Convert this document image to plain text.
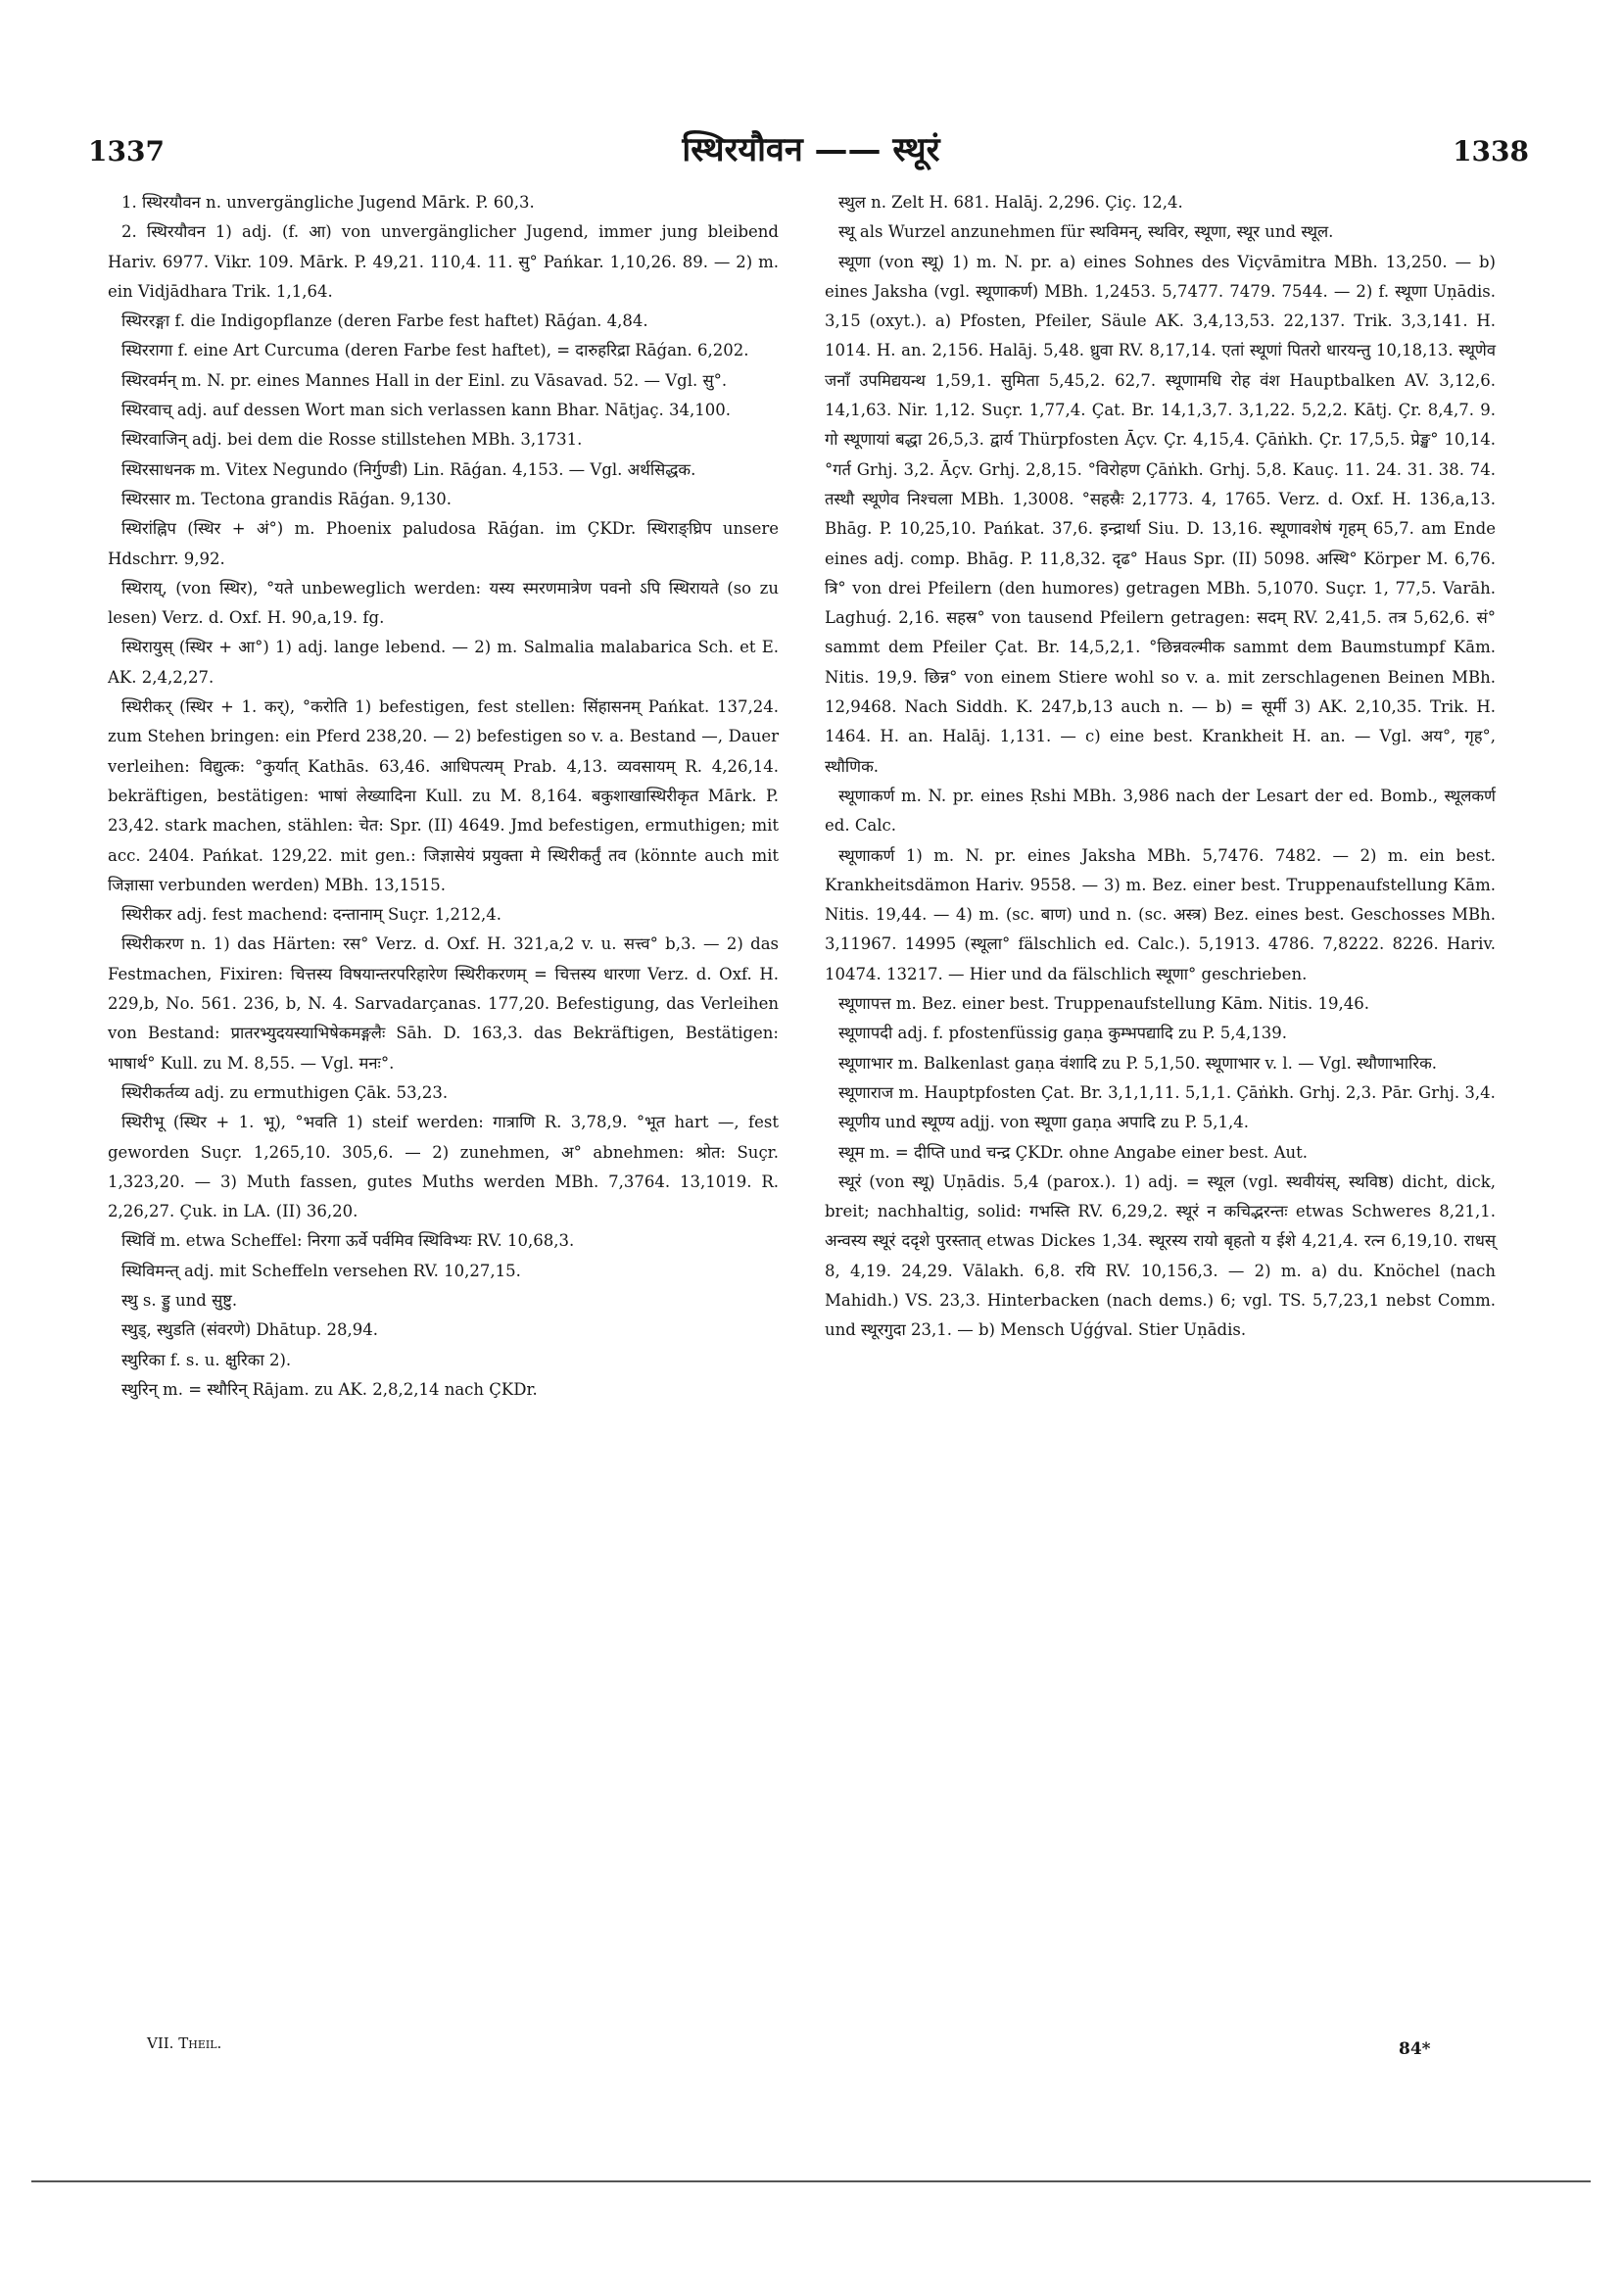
1337	स्थिरयौवन —— स्थूरं	1338

1. स्थिरयौवन n. unvergängliche Jugend Mārk. P. 60,3.

2. स्थिरयौवन 1) adj. (f. आ) von unvergänglicher Jugend, immer jung bleibend Hariv. 6977. Vikr. 109. Mārk. P. 49,21. 110,4. 11. सु° Pańkar. 1,10,26. 89. — 2) m. ein Vidjādhara Trik. 1,1,64.

स्थिररङ्गा f. die Indigopflanze (deren Farbe fest haftet) Rāǵan. 4,84.

स्थिररागा f. eine Art Curcuma (deren Farbe fest haftet), = दारुहरिद्रा Rāǵan. 6,202.

स्थिरवर्मन् m. N. pr. eines Mannes Hall in der Einl. zu Vāsavad. 52. — Vgl. सु°.

स्थिरवाच् adj. auf dessen Wort man sich verlassen kann Bhar. Nātjaç. 34,100.

स्थिरवाजिन् adj. bei dem die Rosse stillstehen MBh. 3,1731.

स्थिरसाधनक m. Vitex Negundo (निर्गुण्डी) Lin. Rāǵan. 4,153. — Vgl. अर्थसिद्धक.

स्थिरसार m. Tectona grandis Rāǵan. 9,130.

स्थिरांह्निप (स्थिर + अं°) m. Phoenix paludosa Rāǵan. im ÇKDr. स्थिराङ्घ्रिप unsere Hdschrr. 9,92.

स्थिराय्, (von स्थिर), °यते unbeweglich werden: यस्य स्मरणमात्रेण पवनो ऽपि स्थिरायते (so zu lesen) Verz. d. Oxf. H. 90,a,19. fg.

स्थिरायुस् (स्थिर + आ°) 1) adj. lange lebend. — 2) m. Salmalia malabarica Sch. et E. AK. 2,4,2,27.

स्थिरीकर् (स्थिर + 1. कर्), °करोति 1) befestigen, fest stellen: सिंहासनम् Pańkat. 137,24. zum Stehen bringen: ein Pferd 238,20. — 2) befestigen so v. a. Bestand —, Dauer verleihen: विद्युत्क: °कुर्यात् Kathās. 63,46. आधिपत्यम् Prab. 4,13. व्यवसायम् R. 4,26,14. bekräftigen, bestätigen: भाषां लेख्यादिना Kull. zu M. 8,164. बकुशाखास्थिरीकृत Mārk. P. 23,42. stark machen, stählen: चेत: Spr. (II) 4649. Jmd befestigen, ermuthigen; mit acc. 2404. Pańkat. 129,22. mit gen.: जिज्ञासेयं प्रयुक्ता मे स्थिरीकर्तुं तव (könnte auch mit जिज्ञासा verbunden werden) MBh. 13,1515.

स्थिरीकर adj. fest machend: दन्तानाम् Suçr. 1,212,4.

स्थिरीकरण n. 1) das Härten: रस° Verz. d. Oxf. H. 321,a,2 v. u. सत्त्व° b,3. — 2) das Festmachen, Fixiren: चित्तस्य विषयान्तरपरिहारेण स्थिरीकरणम् = चित्तस्य धारणा Verz. d. Oxf. H. 229,b, No. 561. 236, b, N. 4. Sarvadarçanas. 177,20. Befestigung, das Verleihen von Bestand: प्रातरभ्युदयस्याभिषेकमङ्गलैः Sāh. D. 163,3. das Bekräftigen, Bestätigen: भाषार्थ° Kull. zu M. 8,55. — Vgl. मनः°.

स्थिरीकर्तव्य adj. zu ermuthigen Çāk. 53,23.

स्थिरीभू (स्थिर + 1. भू), °भवति 1) steif werden: गात्राणि R. 3,78,9. °भूत hart —, fest geworden Suçr. 1,265,10. 305,6. — 2) zunehmen, अ° abnehmen: श्रोत: Suçr. 1,323,20. — 3) Muth fassen, gutes Muths werden MBh. 7,3764. 13,1019. R. 2,26,27. Çuk. in LA. (II) 36,20.

स्थिविं m. etwa Scheffel: निरगा ऊर्वे पर्वमिव स्थिविभ्यः RV. 10,68,3.

स्थिविमन्त् adj. mit Scheffeln versehen RV. 10,27,15.

स्थु s. ड्डु und सुष्टु.

स्थुड्, स्थुडति (संवरणे) Dhātup. 28,94.

स्थुरिका f. s. u. क्षुरिका 2).

स्थुरिन् m. = स्थौरिन् Rājam. zu AK. 2,8,2,14 nach ÇKDr.

स्थुल n. Zelt H. 681. Halāj. 2,296. Çiç. 12,4.

स्थू als Wurzel anzunehmen für स्थविमन्, स्थविर, स्थूणा, स्थूर und स्थूल.

स्थूणा (von स्थू) 1) m. N. pr. a) eines Sohnes des Viçvāmitra MBh. 13,250. — b) eines Jaksha (vgl. स्थूणाकर्ण) MBh. 1,2453. 5,7477. 7479. 7544. — 2) f. स्थूणा Uṇādis. 3,15 (oxyt.). a) Pfosten, Pfeiler, Säule AK. 3,4,13,53. 22,137. Trik. 3,3,141. H. 1014. H. an. 2,156. Halāj. 5,48. ध्रुवा RV. 8,17,14. एतां स्थूणां पितरो धारयन्तु 10,18,13. स्थूणेव जनाँ उपमिद्ययन्थ 1,59,1. सुमिता 5,45,2. 62,7. स्थूणामधि रोह वंश Hauptbalken AV. 3,12,6. 14,1,63. Nir. 1,12. Suçr. 1,77,4. Çat. Br. 14,1,3,7. 3,1,22. 5,2,2. Kātj. Çr. 8,4,7. 9. गो स्थूणायां बद्धा 26,5,3. द्वार्य Thürpfosten Āçv. Çr. 4,15,4. Çāṅkh. Çr. 17,5,5. प्रेङ्ख° 10,14. °गर्त Grhj. 3,2. Āçv. Grhj. 2,8,15. °विरोहण Çāṅkh. Grhj. 5,8. Kauç. 11. 24. 31. 38. 74. तस्थौ स्थूणेव निश्चला MBh. 1,3008. °सहस्रैः 2,1773. 4, 1765. Verz. d. Oxf. H. 136,a,13. Bhāg. P. 10,25,10. Pańkat. 37,6. इन्द्रार्था Siu. D. 13,16. स्थूणावशेषं गृहम् 65,7. am Ende eines adj. comp. Bhāg. P. 11,8,32. दृढ° Haus Spr. (II) 5098. अस्थि° Körper M. 6,76. त्रि° von drei Pfeilern (den humores) getragen MBh. 5,1070. Suçr. 1, 77,5. Varāh. Laghuǵ. 2,16. सहस्र° von tausend Pfeilern getragen: सदम् RV. 2,41,5. तत्र 5,62,6. सं° sammt dem Pfeiler Çat. Br. 14,5,2,1. °छिन्नवल्मीक sammt dem Baumstumpf Kām. Nitis. 19,9. छिन्न° von einem Stiere wohl so v. a. mit zerschlagenen Beinen MBh. 12,9468. Nach Siddh. K. 247,b,13 auch n. — b) = सूर्मी 3) AK. 2,10,35. Trik. H. 1464. H. an. Halāj. 1,131. — c) eine best. Krankheit H. an. — Vgl. अय°, गृह°, स्थौणिक.

स्थूणाकर्ण m. N. pr. eines Ṛshi MBh. 3,986 nach der Lesart der ed. Bomb., स्थूलकर्ण ed. Calc.

स्थूणाकर्ण 1) m. N. pr. eines Jaksha MBh. 5,7476. 7482. — 2) m. ein best. Krankheitsdämon Hariv. 9558. — 3) m. Bez. einer best. Truppenaufstellung Kām. Nitis. 19,44. — 4) m. (sc. बाण) und n. (sc. अस्त्र) Bez. eines best. Geschosses MBh. 3,11967. 14995 (स्थूला° fälschlich ed. Calc.). 5,1913. 4786. 7,8222. 8226. Hariv. 10474. 13217. — Hier und da fälschlich स्थूणा° geschrieben.

स्थूणापत्त m. Bez. einer best. Truppenaufstellung Kām. Nitis. 19,46.

स्थूणापदी adj. f. pfostenfüssig gaṇa कुम्भपद्यादि zu P. 5,4,139.

स्थूणाभार m. Balkenlast gaṇa वंशादि zu P. 5,1,50. स्थूणाभार v. l. — Vgl. स्थौणाभारिक.

स्थूणाराज m. Hauptpfosten Çat. Br. 3,1,1,11. 5,1,1. Çāṅkh. Grhj. 2,3. Pār. Grhj. 3,4.

स्थूणीय und स्थूण्य adjj. von स्थूणा gaṇa अपादि zu P. 5,1,4.

स्थूम m. = दीप्ति und चन्द्र ÇKDr. ohne Angabe einer best. Aut.

स्थूरं (von स्थू) Uṇādis. 5,4 (parox.). 1) adj. = स्थूल (vgl. स्थवीयंस्, स्थविष्ठ) dicht, dick, breit; nachhaltig, solid: गभस्ति RV. 6,29,2. स्थूरं न कचिद्भरन्तः etwas Schweres 8,21,1. अन्वस्य स्थूरं ददृशे पुरस्तात् etwas Dickes 1,34. स्थूरस्य रायो बृहतो य ईशे 4,21,4. रत्न 6,19,10. राधस् 8, 4,19. 24,29. Vālakh. 6,8. रयि RV. 10,156,3. — 2) m. a) du. Knöchel (nach Mahidh.) VS. 23,3. Hinterbacken (nach dems.) 6; vgl. TS. 5,7,23,1 nebst Comm. und स्थूरगुदा 23,1. — b) Mensch Uǵǵval. Stier Uṇādis.

VII. Theil.	84*
